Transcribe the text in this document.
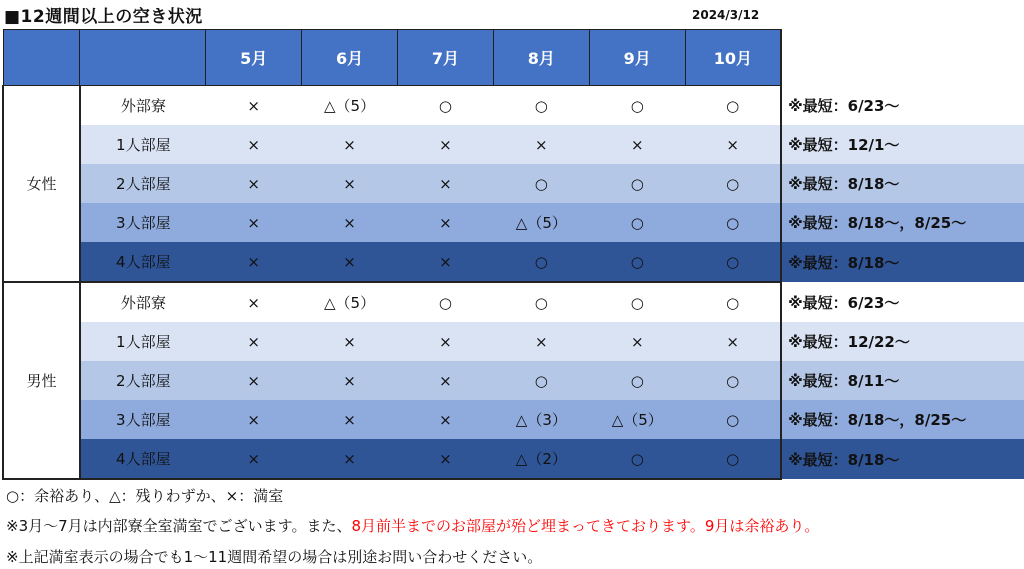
■12週間以上の空き状況	2024/3/12
		5月	6月	7月	8月	9月	10月	
女性	外部寮	×	△（5）	○	○	○	○	※最短：6/23～
	1人部屋	×	×	×	×	×	×	※最短：12/1～
	2人部屋	×	×	×	○	○	○	※最短：8/18～
	3人部屋	×	×	×	△（5）	○	○	※最短：8/18～，8/25～
	4人部屋	×	×	×	○	○	○	※最短：8/18～
男性	外部寮	×	△（5）	○	○	○	○	※最短：6/23～
	1人部屋	×	×	×	×	×	×	※最短：12/22～
	2人部屋	×	×	×	○	○	○	※最短：8/11～
	3人部屋	×	×	×	△（3）	△（5）	○	※最短：8/18～，8/25～
	4人部屋	×	×	×	△（2）	○	○	※最短：8/18～
○：余裕あり、△：残りわずか、×：満室
※3月～7月は内部寮全室満室でございます。また、8月前半までのお部屋が殆ど埋まってきております。9月は余裕あり。
※上記満室表示の場合でも1～11週間希望の場合は別途お問い合わせください。
